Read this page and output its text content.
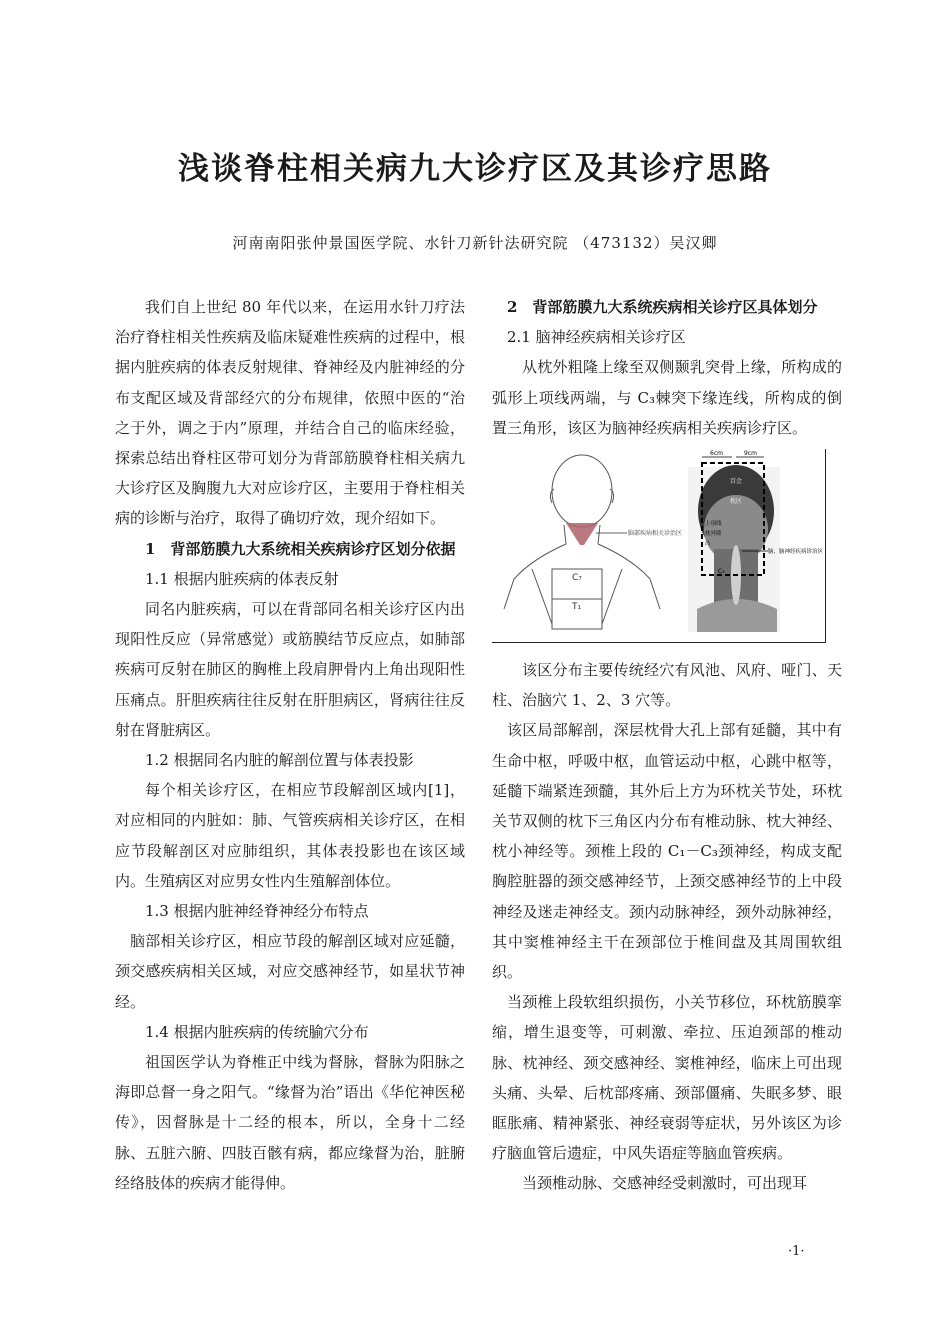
浅谈脊柱相关病九大诊疗区及其诊疗思路

河南南阳张仲景国医学院、水针刀新针法研究院 （473132）吴汉卿

我们自上世纪 80 年代以来，在运用水针刀疗法治疗脊柱相关性疾病及临床疑难性疾病的过程中，根据内脏疾病的体表反射规律、脊神经及内脏神经的分布支配区域及背部经穴的分布规律，依照中医的“治之于外，调之于内”原理，并结合自己的临床经验，探索总结出脊柱区带可划分为背部筋膜脊柱相关病九大诊疗区及胸腹九大对应诊疗区，主要用于脊柱相关病的诊断与治疗，取得了确切疗效，现介绍如下。

1　背部筋膜九大系统相关疾病诊疗区划分依据

1.1 根据内脏疾病的体表反射

同名内脏疾病，可以在背部同名相关诊疗区内出现阳性反应（异常感觉）或筋膜结节反应点，如肺部疾病可反射在肺区的胸椎上段肩胛骨内上角出现阳性压痛点。肝胆疾病往往反射在肝胆病区，肾病往往反射在肾脏病区。

1.2 根据同名内脏的解剖位置与体表投影

每个相关诊疗区，在相应节段解剖区域内[1]，对应相同的内脏如：肺、气管疾病相关诊疗区，在相应节段解剖区对应肺组织，其体表投影也在该区域内。生殖病区对应男女性内生殖解剖体位。

1.3 根据内脏神经脊神经分布特点

脑部相关诊疗区，相应节段的解剖区域对应延髓，颈交感疾病相关区域，对应交感神经节，如星状节神经。

1.4 根据内脏疾病的传统腧穴分布

祖国医学认为脊椎正中线为督脉，督脉为阳脉之海即总督一身之阳气。“缘督为治”语出《华佗神医秘传》，因督脉是十二经的根本，所以，全身十二经脉、五脏六腑、四肢百骸有病，都应缘督为治，脏腑经络肢体的疾病才能得伸。

2　背部筋膜九大系统疾病相关诊疗区具体划分

2.1 脑神经疾病相关诊疗区

从枕外粗隆上缘至双侧颞乳突骨上缘，所构成的弧形上项线两端，与 C₃棘突下缘连线，所构成的倒置三角形，该区为脑神经疾病相关疾病诊疗区。

脑部疾病相关诊治区
C₇
T₁
6cm	9cm
百会
枕区
上项线
枕外隆
凸
C₃
脑、脑神经疾病诊治区

该区分布主要传统经穴有风池、风府、哑门、天柱、治脑穴 1、2、3 穴等。

该区局部解剖，深层枕骨大孔上部有延髓，其中有生命中枢，呼吸中枢，血管运动中枢，心跳中枢等，延髓下端紧连颈髓，其外后上方为环枕关节处，环枕关节双侧的枕下三角区内分布有椎动脉、枕大神经、枕小神经等。颈椎上段的 C₁－C₃颈神经，构成支配胸腔脏器的颈交感神经节，上颈交感神经节的上中段神经及迷走神经支。颈内动脉神经，颈外动脉神经，其中窦椎神经主干在颈部位于椎间盘及其周围软组织。

当颈椎上段软组织损伤，小关节移位，环枕筋膜挛缩，增生退变等，可刺激、牵拉、压迫颈部的椎动脉、枕神经、颈交感神经、窦椎神经，临床上可出现头痛、头晕、后枕部疼痛、颈部僵痛、失眠多梦、眼眶胀痛、精神紧张、神经衰弱等症状，另外该区为诊疗脑血管后遗症，中风失语症等脑血管疾病。

当颈椎动脉、交感神经受刺激时，可出现耳

·1·
